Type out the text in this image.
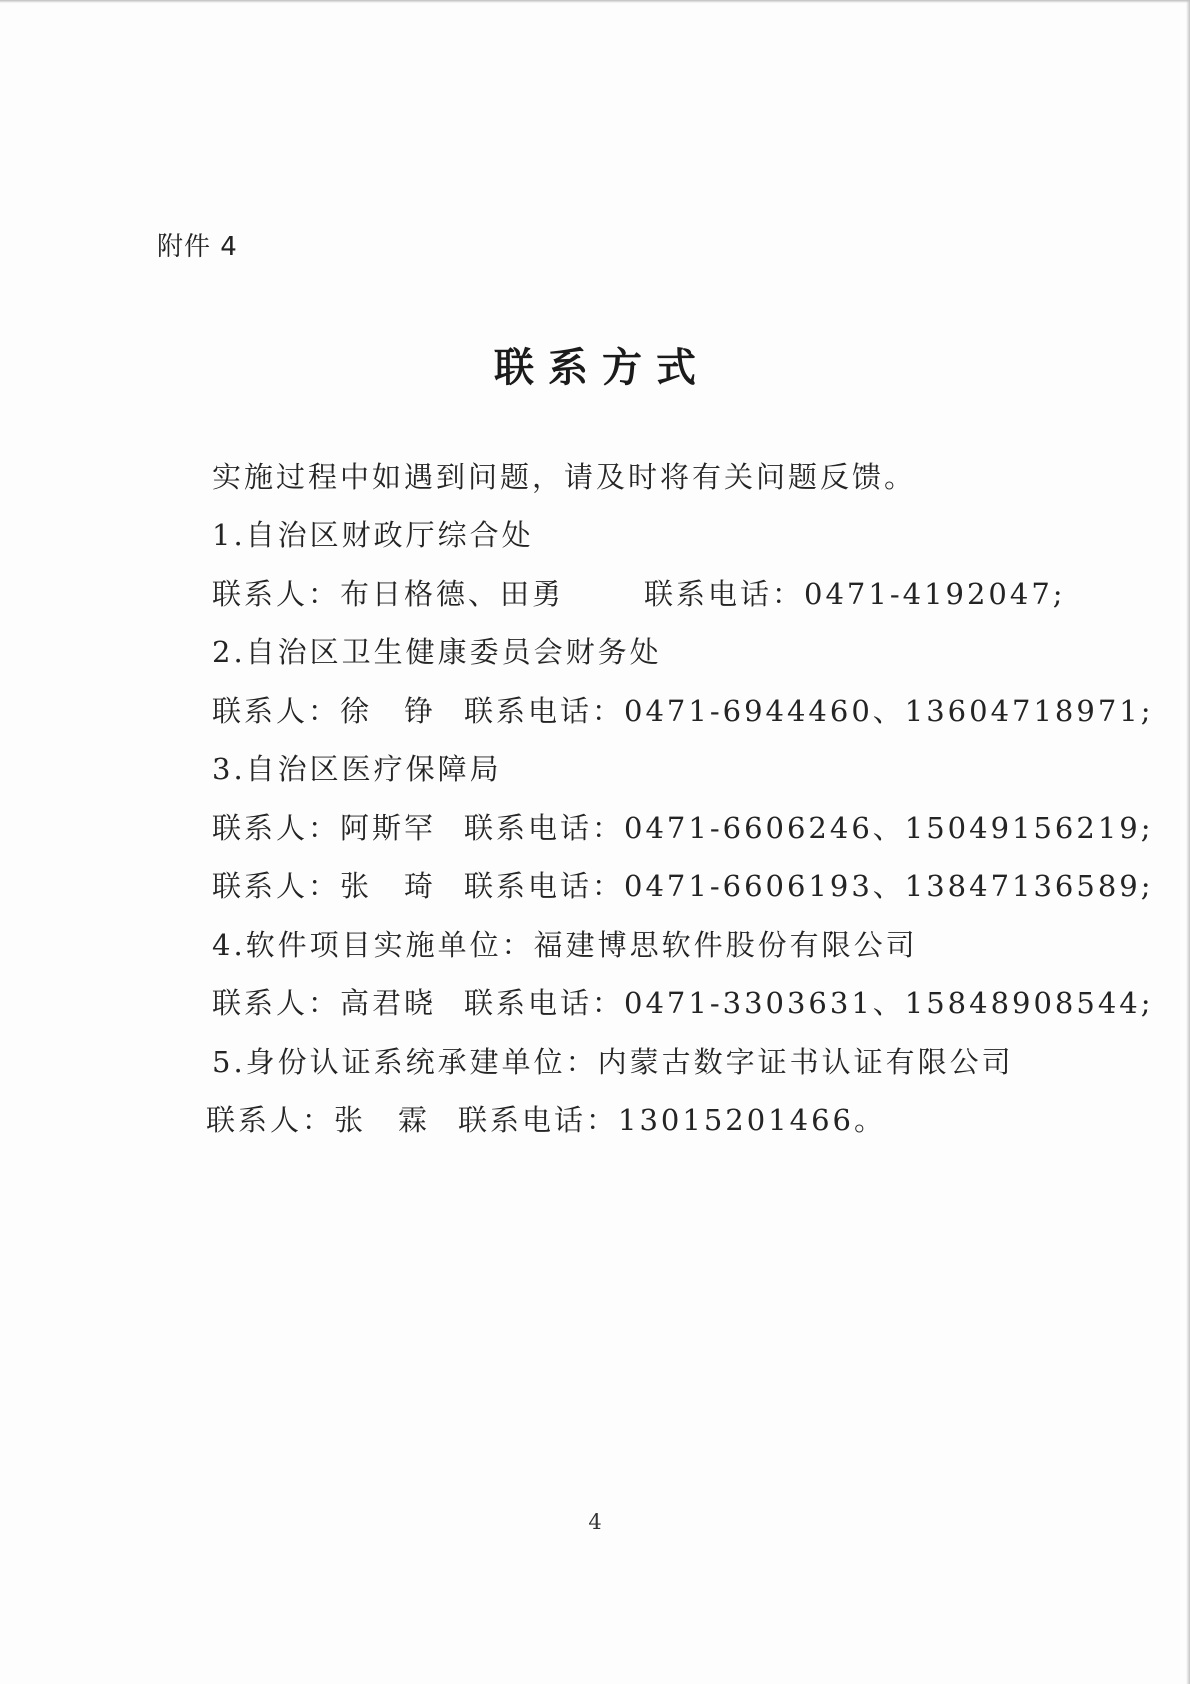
附件 4
联系方式
实施过程中如遇到问题，请及时将有关问题反馈。
1.自治区财政厅综合处
联系人：布日格德、田勇	联系电话：0471-4192047;
2.自治区卫生健康委员会财务处
联系人：徐　铮 联系电话：0471-6944460、13604718971;
3.自治区医疗保障局
联系人：阿斯罕 联系电话：0471-6606246、15049156219;
联系人：张　琦 联系电话：0471-6606193、13847136589;
4.软件项目实施单位：福建博思软件股份有限公司
联系人：高君晓 联系电话：0471-3303631、15848908544;
5.身份认证系统承建单位：内蒙古数字证书认证有限公司
联系人：张　霖 联系电话：13015201466。
4
